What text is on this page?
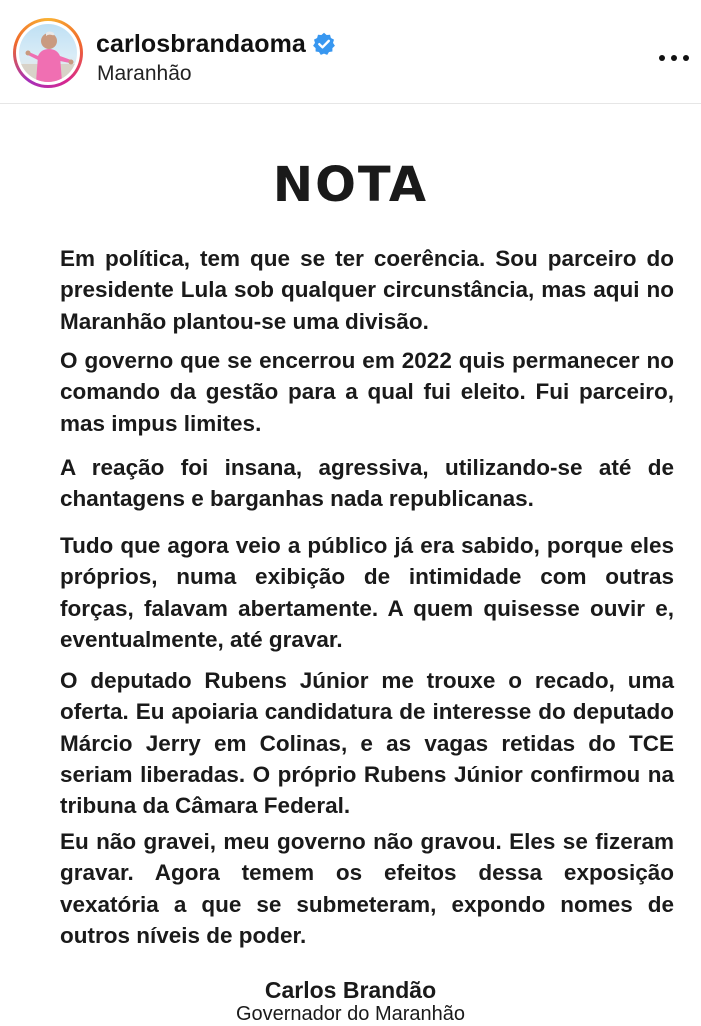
carlosbrandaoma
Maranhão
NOTA
Em política, tem que se ter coerência. Sou parceiro do presidente Lula sob qualquer circunstância, mas aqui no Maranhão plantou-se uma divisão.
O governo que se encerrou em 2022 quis permanecer no comando da gestão para a qual fui eleito. Fui parceiro, mas impus limites.
A reação foi insana, agressiva, utilizando-se até de chantagens e barganhas nada republicanas.
Tudo que agora veio a público já era sabido, porque eles próprios, numa exibição de intimidade com outras forças, falavam abertamente. A quem quisesse ouvir e, eventualmente, até gravar.
O deputado Rubens Júnior me trouxe o recado, uma oferta. Eu apoiaria candidatura de interesse do deputado Márcio Jerry em Colinas, e as vagas retidas do TCE seriam liberadas. O próprio Rubens Júnior confirmou na tribuna da Câmara Federal.
Eu não gravei, meu governo não gravou. Eles se fizeram gravar. Agora temem os efeitos dessa exposição vexatória a que se submeteram, expondo nomes de outros níveis de poder.
Carlos Brandão
Governador do Maranhão
